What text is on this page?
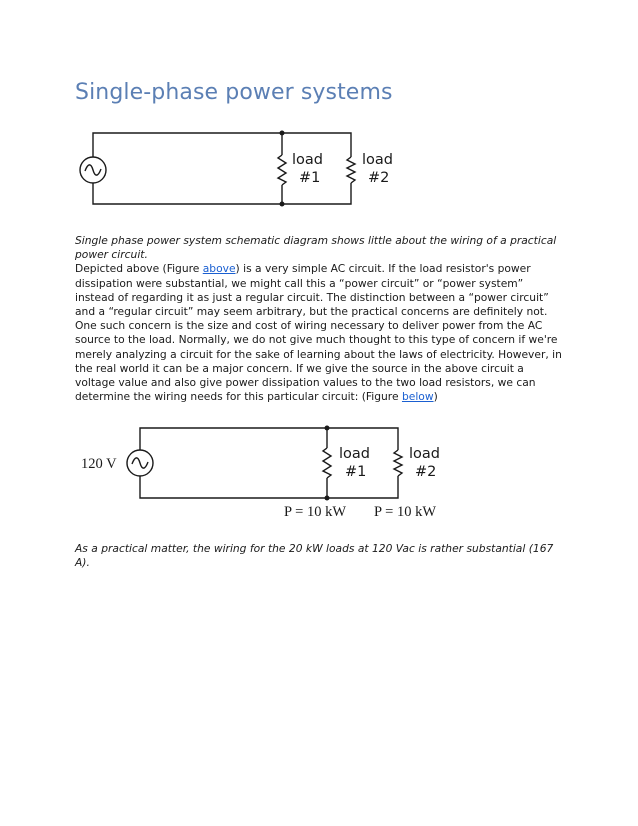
Single-phase power systems
load
#1
load
#2
Single phase power system schematic diagram shows little about the wiring of a practical power circuit.
Depicted above (Figure above) is a very simple AC circuit. If the load resistor's power dissipation were substantial, we might call this a “power circuit” or “power system” instead of regarding it as just a regular circuit. The distinction between a “power circuit” and a “regular circuit” may seem arbitrary, but the practical concerns are definitely not.
One such concern is the size and cost of wiring necessary to deliver power from the AC source to the load. Normally, we do not give much thought to this type of concern if we're merely analyzing a circuit for the sake of learning about the laws of electricity. However, in the real world it can be a major concern. If we give the source in the above circuit a voltage value and also give power dissipation values to the two load resistors, we can determine the wiring needs for this particular circuit: (Figure below)
120 V
load
#1
load
#2
P = 10 kW P = 10 kW
As a practical matter, the wiring for the 20 kW loads at 120 Vac is rather substantial (167 A).
